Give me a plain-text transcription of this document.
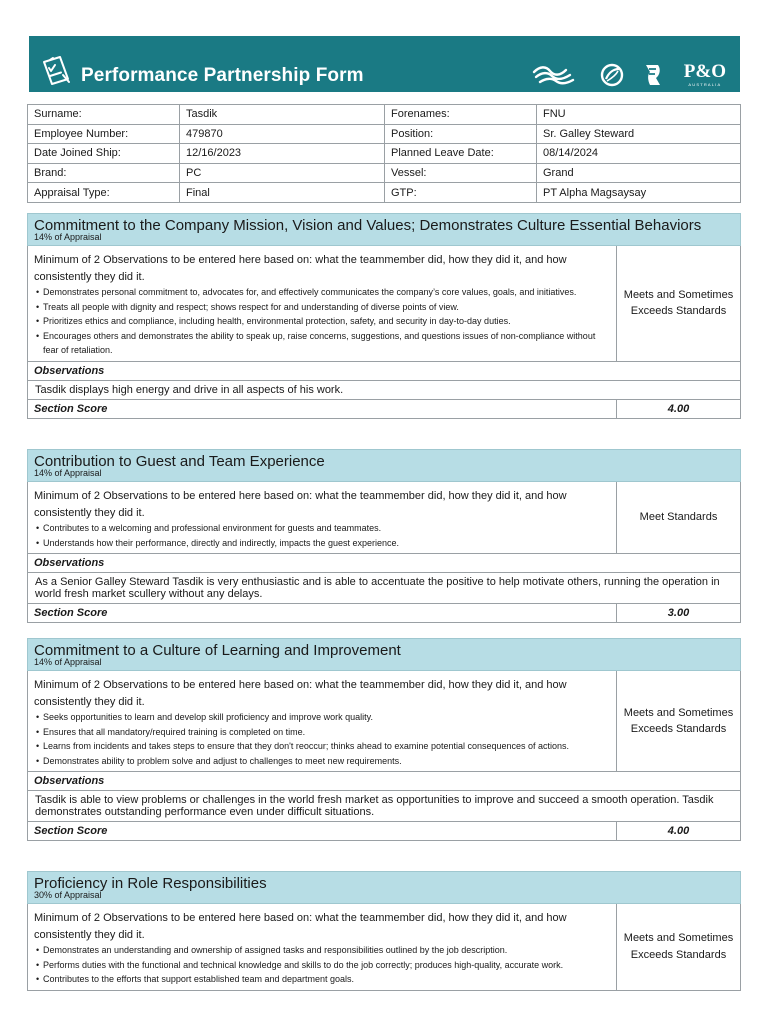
Performance Partnership Form	P&O
AUSTRALIA
Surname:	Tasdik	Forenames:	FNU
Employee Number:	479870	Position:	Sr. Galley Steward
Date Joined Ship:	12/16/2023	Planned Leave Date:	08/14/2024
Brand:	PC	Vessel:	Grand
Appraisal Type:	Final	GTP:	PT Alpha Magsaysay
Commitment to the Company Mission, Vision and Values; Demonstrates Culture Essential Behaviors
14% of Appraisal
Minimum of 2 Observations to be entered here based on: what the teammember did, how they did it, and how consistently they did it.
• Demonstrates personal commitment to, advocates for, and effectively communicates the company’s core values, goals, and initiatives.
• Treats all people with dignity and respect; shows respect for and understanding of diverse points of view.
• Prioritizes ethics and compliance, including health, environmental protection, safety, and security in day-to-day duties.
• Encourages others and demonstrates the ability to speak up, raise concerns, suggestions, and questions issues of non-compliance without fear of retaliation.
Meets and Sometimes Exceeds Standards
Observations
Tasdik displays high energy and drive in all aspects of his work.
Section Score	4.00
Contribution to Guest and Team Experience
14% of Appraisal
Minimum of 2 Observations to be entered here based on: what the teammember did, how they did it, and how consistently they did it.
• Contributes to a welcoming and professional environment for guests and teammates.
• Understands how their performance, directly and indirectly, impacts the guest experience.
Meet Standards
Observations
As a Senior Galley Steward Tasdik is very enthusiastic and is able to accentuate the positive to help motivate others, running the operation in world fresh market scullery without any delays.
Section Score	3.00
Commitment to a Culture of Learning and Improvement
14% of Appraisal
Minimum of 2 Observations to be entered here based on: what the teammember did, how they did it, and how consistently they did it.
• Seeks opportunities to learn and develop skill proficiency and improve work quality.
• Ensures that all mandatory/required training is completed on time.
• Learns from incidents and takes steps to ensure that they don't reoccur; thinks ahead to examine potential consequences of actions.
• Demonstrates ability to problem solve and adjust to challenges to meet new requirements.
Meets and Sometimes Exceeds Standards
Observations
Tasdik is able to view problems or challenges in the world fresh market as opportunities to improve and succeed a smooth operation. Tasdik demonstrates outstanding performance even under difficult situations.
Section Score	4.00
Proficiency in Role Responsibilities
30% of Appraisal
Minimum of 2 Observations to be entered here based on: what the teammember did, how they did it, and how consistently they did it.
• Demonstrates an understanding and ownership of assigned tasks and responsibilities outlined by the job description.
• Performs duties with the functional and technical knowledge and skills to do the job correctly; produces high-quality, accurate work.
• Contributes to the efforts that support established team and department goals.
Meets and Sometimes Exceeds Standards
